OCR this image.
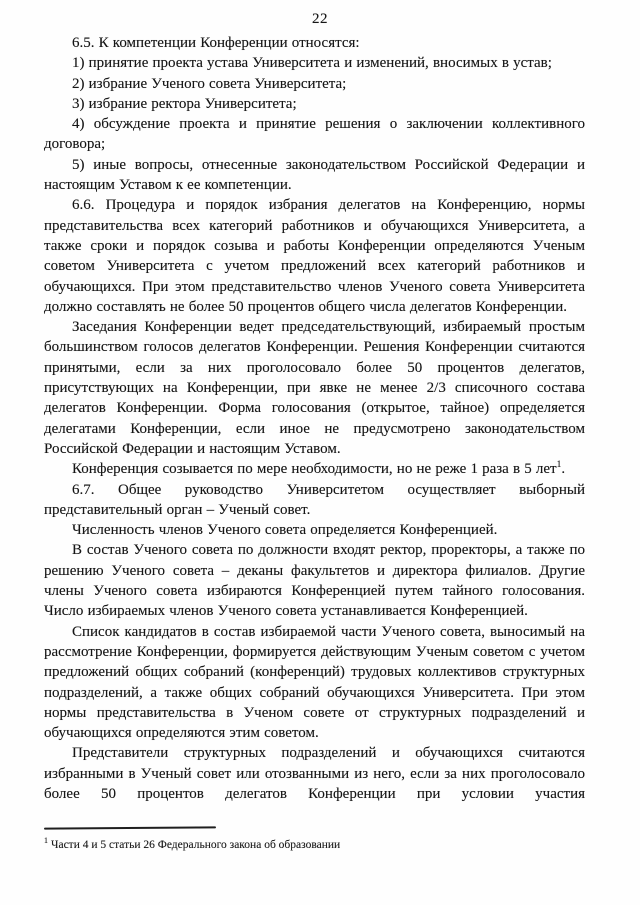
22

6.5. К компетенции Конференции относятся:

1) принятие проекта устава Университета и изменений, вносимых в устав;

2) избрание Ученого совета Университета;

3) избрание ректора Университета;

4) обсуждение проекта и принятие решения о заключении коллективного договора;

5) иные вопросы, отнесенные законодательством Российской Федерации и настоящим Уставом к ее компетенции.

6.6. Процедура и порядок избрания делегатов на Конференцию, нормы представительства всех категорий работников и обучающихся Университета, а также сроки и порядок созыва и работы Конференции определяются Ученым советом Университета с учетом предложений всех категорий работников и обучающихся. При этом представительство членов Ученого совета Университета должно составлять не более 50 процентов общего числа делегатов Конференции.

Заседания Конференции ведет председательствующий, избираемый простым большинством голосов делегатов Конференции. Решения Конференции считаются принятыми, если за них проголосовало более 50 процентов делегатов, присутствующих на Конференции, при явке не менее 2/3 списочного состава делегатов Конференции. Форма голосования (открытое, тайное) определяется делегатами Конференции, если иное не предусмотрено законодательством Российской Федерации и настоящим Уставом.

Конференция созывается по мере необходимости, но не реже 1 раза в 5 лет$^1$.

6.7. Общее руководство Университетом осуществляет выборный представительный орган – Ученый совет.

Численность членов Ученого совета определяется Конференцией.

В состав Ученого совета по должности входят ректор, проректоры, а также по решению Ученого совета – деканы факультетов и директора филиалов. Другие члены Ученого совета избираются Конференцией путем тайного голосования. Число избираемых членов Ученого совета устанавливается Конференцией.

Список кандидатов в состав избираемой части Ученого совета, выносимый на рассмотрение Конференции, формируется действующим Ученым советом с учетом предложений общих собраний (конференций) трудовых коллективов структурных подразделений, а также общих собраний обучающихся Университета. При этом нормы представительства в Ученом совете от структурных подразделений и обучающихся определяются этим советом.

Представители структурных подразделений и обучающихся считаются избранными в Ученый совет или отозванными из него, если за них проголосовало более 50 процентов делегатов Конференции при условии участия

$^1$ Части 4 и 5 статьи 26 Федерального закона об образовании
